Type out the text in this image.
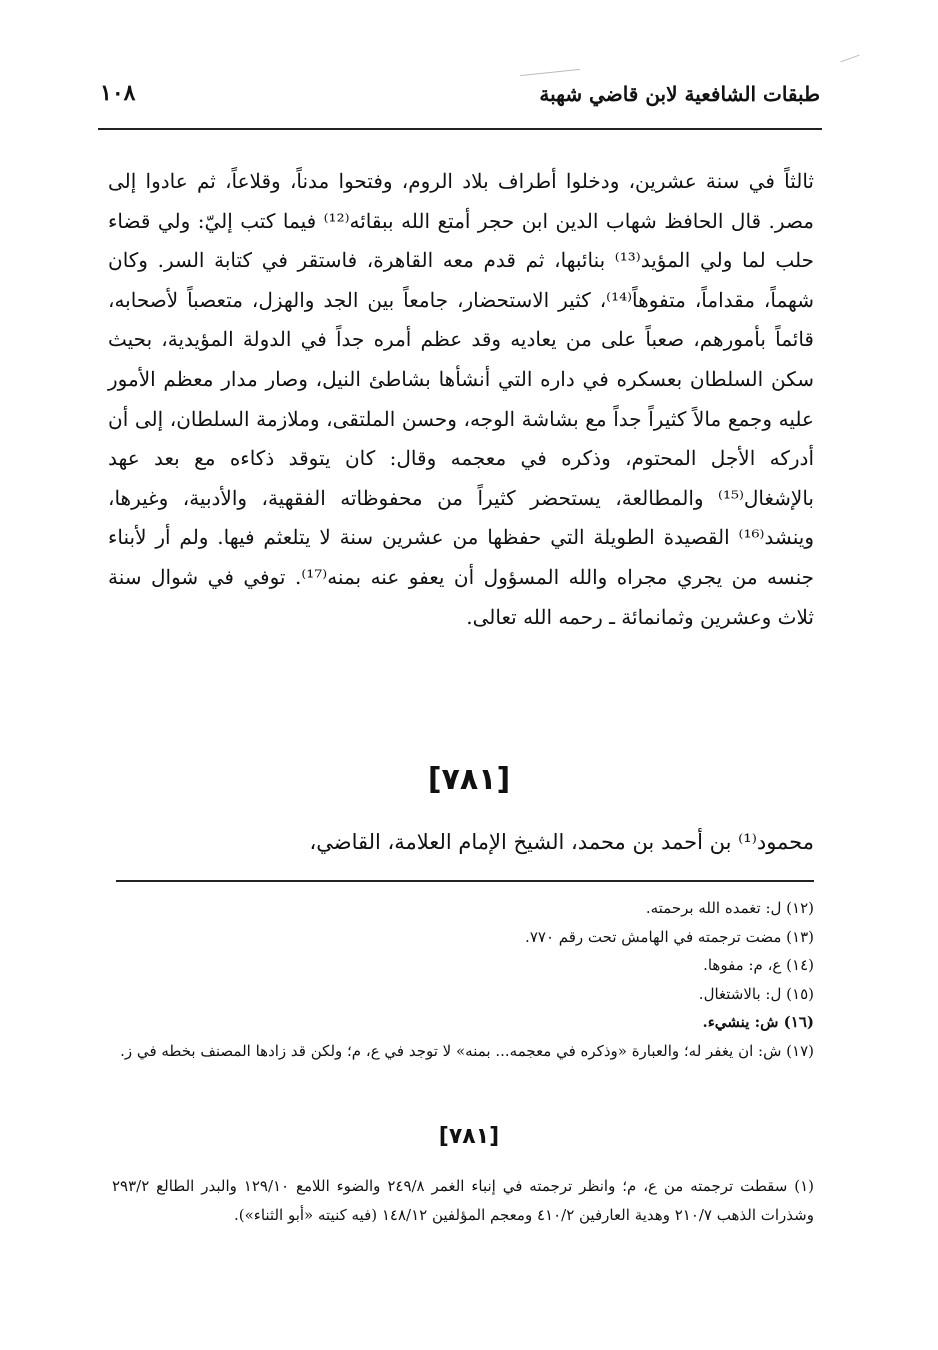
طبقات الشافعية لابن قاضي شهبة
١٠٨

ثالثاً في سنة عشرين، ودخلوا أطراف بلاد الروم، وفتحوا مدناً، وقلاعاً، ثم عادوا إلى مصر. قال الحافظ شهاب الدين ابن حجر أمتع الله ببقائه⁽¹²⁾ فيما كتب إليّ: ولي قضاء حلب لما ولي المؤيد⁽¹³⁾ بنائبها، ثم قدم معه القاهرة، فاستقر في كتابة السر. وكان شهماً، مقداماً، متفوهاً⁽¹⁴⁾، كثير الاستحضار، جامعاً بين الجد والهزل، متعصباً لأصحابه، قائماً بأمورهم، صعباً على من يعاديه وقد عظم أمره جداً في الدولة المؤيدية، بحيث سكن السلطان بعسكره في داره التي أنشأها بشاطئ النيل، وصار مدار معظم الأمور عليه وجمع مالاً كثيراً جداً مع بشاشة الوجه، وحسن الملتقى، وملازمة السلطان، إلى أن أدركه الأجل المحتوم، وذكره في معجمه وقال: كان يتوقد ذكاءه مع بعد عهد بالإشغال⁽¹⁵⁾ والمطالعة، يستحضر كثيراً من محفوظاته الفقهية، والأدبية، وغيرها، وينشد⁽¹⁶⁾ القصيدة الطويلة التي حفظها من عشرين سنة لا يتلعثم فيها. ولم أر لأبناء جنسه من يجري مجراه والله المسؤول أن يعفو عنه بمنه⁽¹⁷⁾. توفي في شوال سنة ثلاث وعشرين وثمانمائة ـ رحمه الله تعالى.

[٧٨١]
محمود⁽¹⁾ بن أحمد بن محمد، الشيخ الإمام العلامة، القاضي،

(١٢) ل: تغمده الله برحمته.

(١٣) مضت ترجمته في الهامش تحت رقم ٧٧٠.

(١٤) ع، م: مفوها.

(١٥) ل: بالاشتغال.

(١٦) ش: ينشيء.

(١٧) ش: ان يغفر له؛ والعبارة «وذكره في معجمه... بمنه» لا توجد في ع، م؛ ولكن قد زادها المصنف بخطه في ز.

[٧٨١]

(١) سقطت ترجمته من ع، م؛ وانظر ترجمته في إنباء الغمر ٢٤٩/٨ والضوء اللامع ١٢٩/١٠ والبدر الطالع ٢٩٣/٢ وشذرات الذهب ٢١٠/٧ وهدية العارفين ٤١٠/٢ ومعجم المؤلفين ١٤٨/١٢ (فيه كنيته «أبو الثناء»).
